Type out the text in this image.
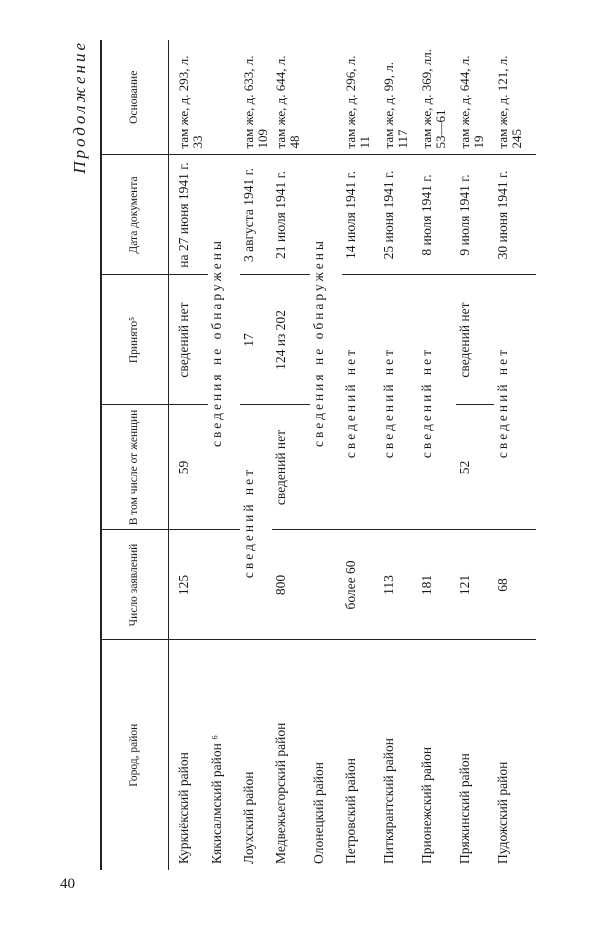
Продолжение
Город, район	Число заявлений	В том числе от женщин	Принято⁵	Дата документа	Основание
Куркиёкский район	125	59	сведений нет	на 27 июня 1941 г.	там же, д. 293, л. 33
Кякисалмский район ⁶		сведения не обнаружены			
Лоухский район	сведений нет		17	3 августа 1941 г.	там же, д. 633, л. 109
Медвежьегорский район	800	сведений нет	124 из 202	21 июля 1941 г.	там же, д. 644, л. 48
Олонецкий район		сведения не обнаружены			
Петровский район	более 60	сведений нет		14 июля 1941 г.	там же, д. 296, л. 11
Питкярантский район	113	сведений нет		25 июня 1941 г.	там же, д. 99, л. 117
Прионежский район	181	сведений нет		8 июля 1941 г.	там же, д. 369, лл. 53—61
Пряжинский район	121	52	сведений нет	9 июля 1941 г.	там же, д. 644, л. 19
Пудожский район	68	сведений нет		30 июня 1941 г.	там же, д. 121, л. 245
40
